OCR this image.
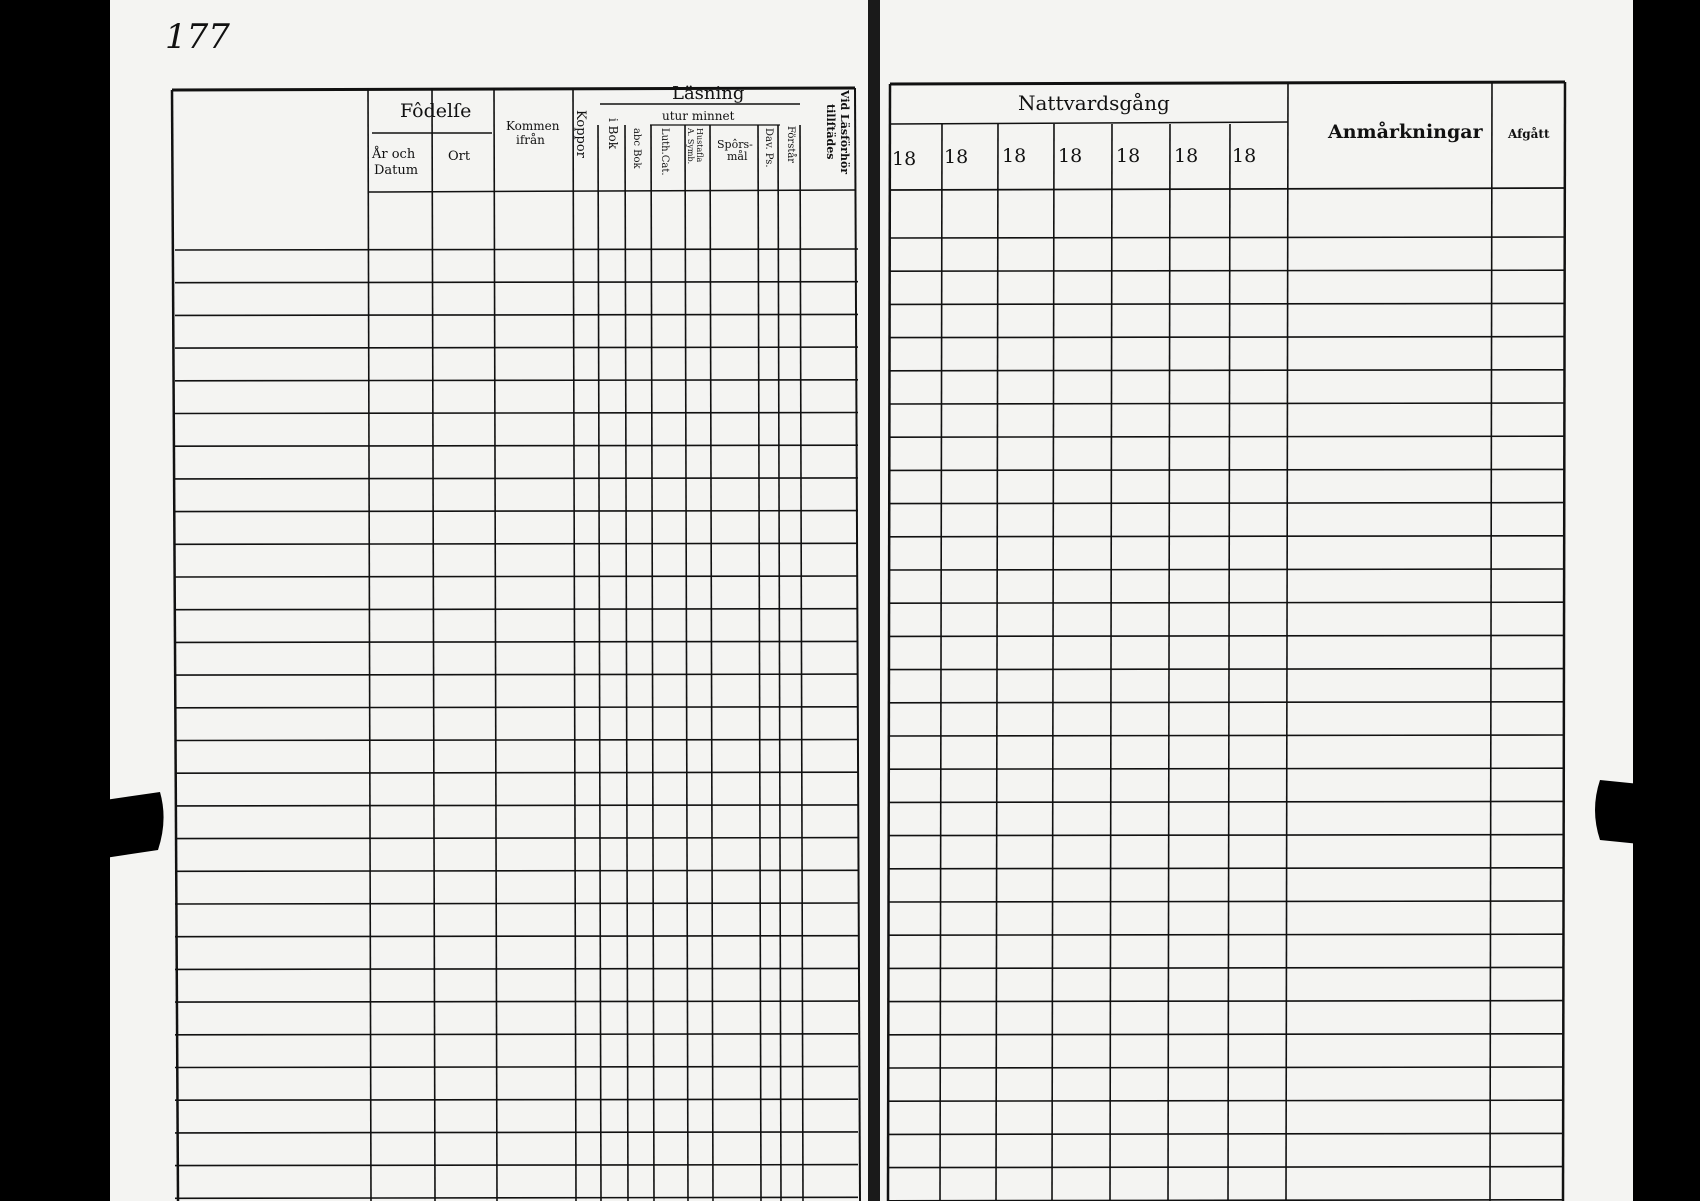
177
Fôdelſe
År och
Datum
Ort
Kommen
ifrån Koppor
Läsning
utur minnet
i Bok abc Bok Luth.Cat. A. Symb. Hustaflа Spôrs-
mål Dav. Ps. Förstår	Vid Läsförhör
tillſtädes
Nattvardsgång
18 18 18 18 18 18 18
Anmårkningar Afgått
